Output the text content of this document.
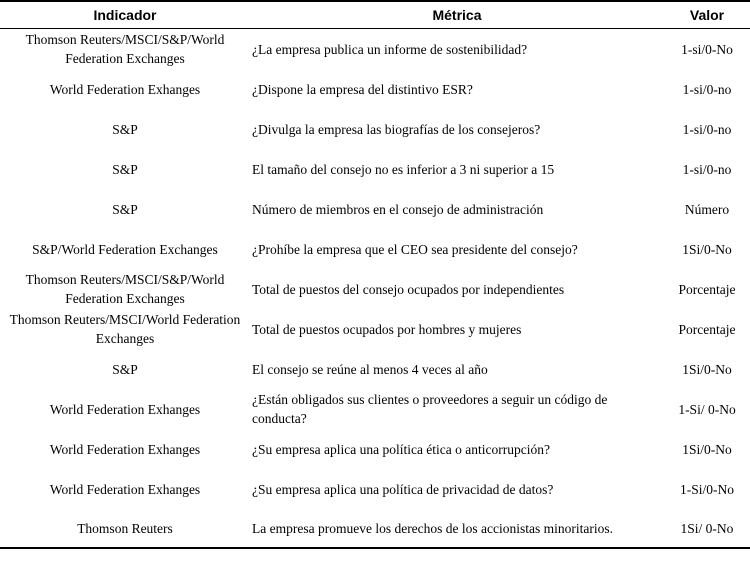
Indicador	Métrica	Valor
Thomson Reuters/MSCI/S&P/World Federation Exchanges	¿La empresa publica un informe de sostenibilidad?	1-si/0-No
World Federation Exhanges	¿Dispone la empresa del distintivo ESR?	1-si/0-no
S&P	¿Divulga la empresa las biografías de los consejeros?	1-si/0-no
S&P	El tamaño del consejo no es inferior a 3 ni superior a 15	1-si/0-no
S&P	Número de miembros en el consejo de administración	Número
S&P/World Federation Exchanges	¿Prohíbe la empresa que el CEO sea presidente del consejo?	1Si/0-No
Thomson Reuters/MSCI/S&P/World Federation Exchanges	Total de puestos del consejo ocupados por independientes	Porcentaje
Thomson Reuters/MSCI/World Federation Exchanges	Total de puestos ocupados por hombres y mujeres	Porcentaje
S&P	El consejo se reúne al menos 4 veces al año	1Si/0-No
World Federation Exhanges	¿Están obligados sus clientes o proveedores a seguir un código de conducta?	1-Si/ 0-No
World Federation Exhanges	¿Su empresa aplica una política ética o anticorrupción?	1Si/0-No
World Federation Exhanges	¿Su empresa aplica una política de privacidad de datos?	1-Si/0-No
Thomson Reuters	La empresa promueve los derechos de los accionistas minoritarios.	1Si/ 0-No
